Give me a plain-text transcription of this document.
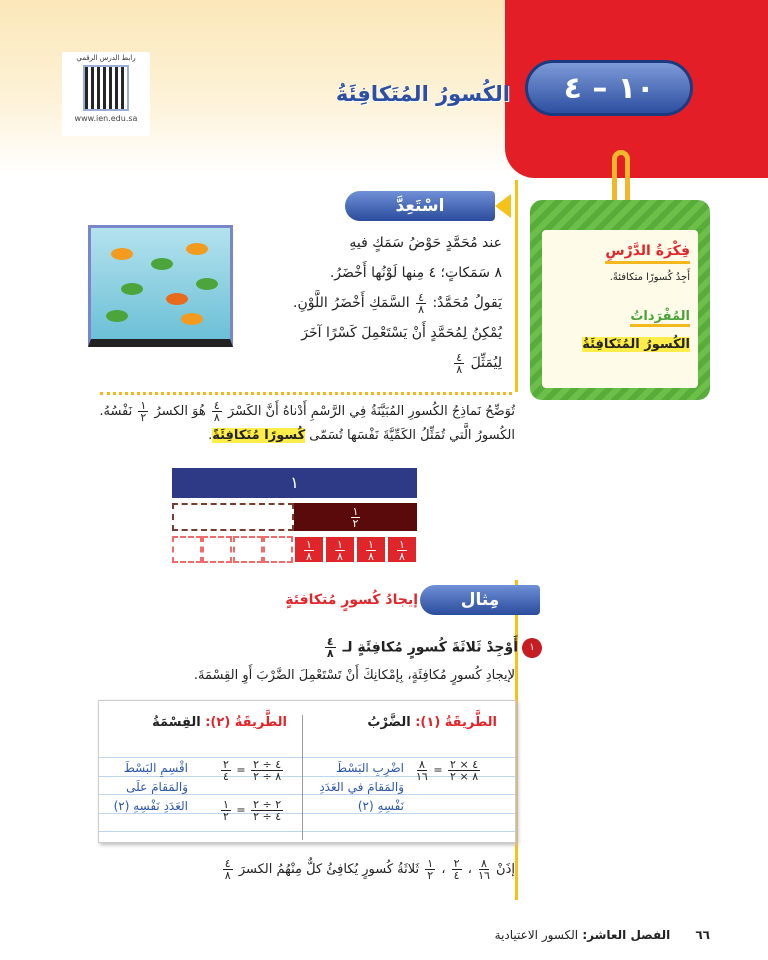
١٠ – ٤
الكُسورُ المُتَكافِئَةُ
رابط الدرس الرقمي
www.ien.edu.sa
فِكْرَةُ الدَّرْسِ
أَجِدُ كُسورًا متكافئةً.
المُفْرَداتُ
الكُسورُ المُتَكافِئَةُ
اسْتَعِدَّ
عند مُحَمَّدٍ حَوْضُ سَمَكٍ فيهِ
٨ سَمَكاتٍ؛ ٤ مِنها لَوْنُها أَخْضَرُ.
يَقولُ مُحَمَّدٌ:
$\frac{٤}{٨}$
السَّمَكِ أَخْضَرُ اللَّوْنِ.
يُمْكِنُ لِمُحَمَّدٍ أَنْ يَسْتَعْمِلَ كَسْرًا آخَرَ
لِيُمَثِّلَ
$\frac{٤}{٨}$
تُوَضِّحُ نَماذِجُ الكُسورِ المُبَيَّنَةُ فِي الرَّسْمِ أَدْناهُ أَنَّ الكَسْرَ
$\frac{٤}{٨}$
هُوَ الكسرُ
$\frac{١}{٢}$
نَفْسُهُ.
الكُسورُ الَّتي تُمَثِّلُ الكَمِّيَّةَ نَفْسَها تُسَمّى كُسورًا مُتَكافِئَةً.
١
$\frac{١}{٢}$
$\frac{١}{٨} \frac{١}{٨} \frac{١}{٨} \frac{١}{٨}$
مِثال
إيجادُ كُسورٍ مُتكافئةٍ
١
أَوْجِدْ ثَلاثَةَ كُسورٍ مُكافِئَةٍ لـ
$\frac{٤}{٨}$
لإيجادِ كُسورٍ مُكافِئَةٍ، بِإمْكانِكَ أَنْ تَسْتَعْمِلَ الضَّرْبَ أَوِ القِسْمَةَ.
الطَّريقَةُ (١): الضَّرْبُ
الطَّريقَةُ (٢): القِسْمَةُ
$\frac{٤ \times ٢}{٨ \times ٢}$
=
$\frac{٨}{١٦}$
اضْرِبِ البَسْطَ
وَالمَقامَ في العَدَدِ
نَفْسِهِ (٢)
$\frac{٤ \div ٢}{٨ \div ٢}$
=
$\frac{٢}{٤}$
$\frac{٢ \div ٢}{٤ \div ٢}$
=
$\frac{١}{٢}$
اقْسِمِ البَسْطَ
وَالمَقامَ علَى
العَدَدِ نَفْسِهِ (٢)
إذَنْ
$\frac{٨}{١٦}$
،
$\frac{٢}{٤}$
،
$\frac{١}{٢}$
ثَلاثَةُ كُسورٍ يُكافِئُ كلٌّ مِنْهُمُ الكسرَ
$\frac{٤}{٨}$
٦٦      الفصل العاشر: الكسور الاعتيادية
